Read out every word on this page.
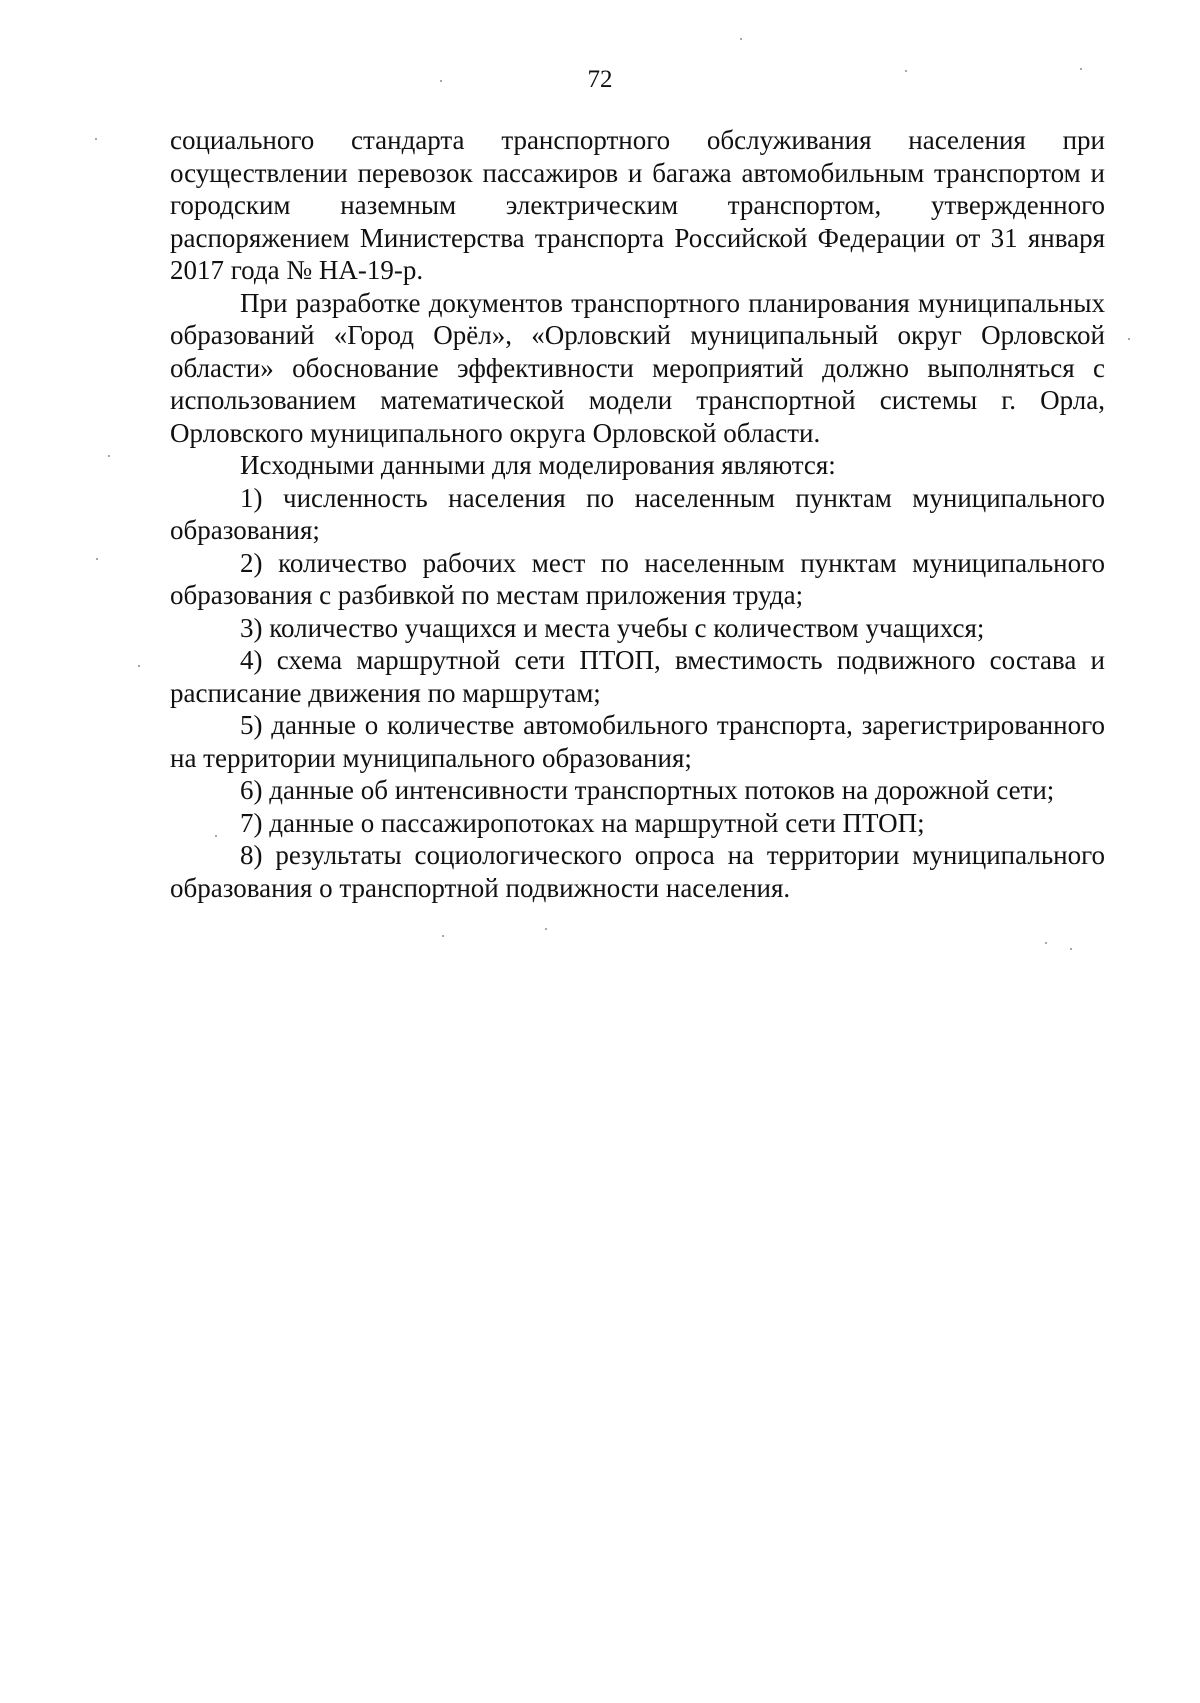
72

социального стандарта транспортного обслуживания населения при осуществлении перевозок пассажиров и багажа автомобильным транспортом и городским наземным электрическим транспортом, утвержденного распоряжением Министерства транспорта Российской Федерации от 31 января 2017 года № НА-19-р.

При разработке документов транспортного планирования муниципальных образований «Город Орёл», «Орловский муниципальный округ Орловской области» обоснование эффективности мероприятий должно выполняться с использованием математической модели транспортной системы г. Орла, Орловского муниципального округа Орловской области.

Исходными данными для моделирования являются:

1) численность населения по населенным пунктам муниципального образования;

2) количество рабочих мест по населенным пунктам муниципального образования с разбивкой по местам приложения труда;

3) количество учащихся и места учебы с количеством учащихся;

4) схема маршрутной сети ПТОП, вместимость подвижного состава и расписание движения по маршрутам;

5) данные о количестве автомобильного транспорта, зарегистрированного на территории муниципального образования;

6) данные об интенсивности транспортных потоков на дорожной сети;

7) данные о пассажиропотоках на маршрутной сети ПТОП;

8) результаты социологического опроса на территории муниципального образования о транспортной подвижности населения.
